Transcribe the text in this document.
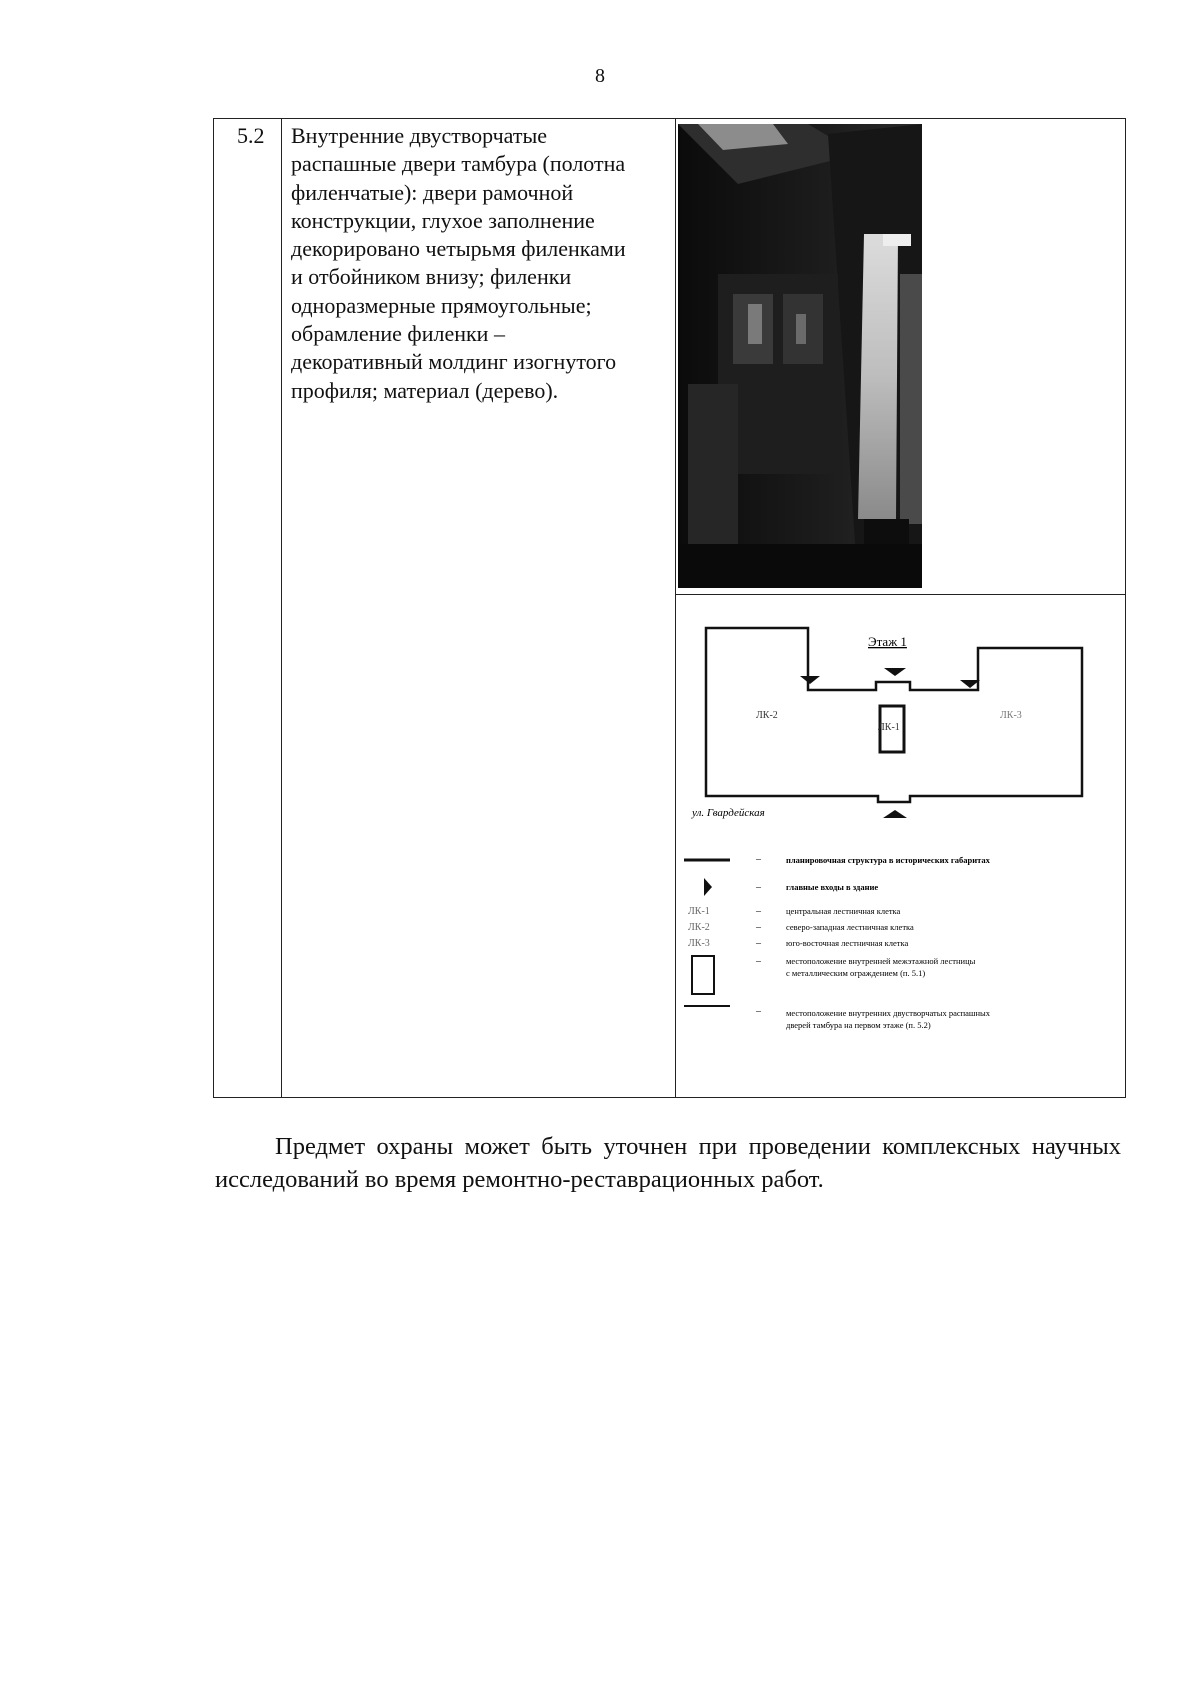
8
5.2 Внутренние двустворчатые
распашные двери тамбура (полотна
филенчатые): двери рамочной
конструкции, глухое заполнение
декорировано четырьмя филенками
и отбойником внизу; филенки
одноразмерные прямоугольные;
обрамление филенки –
декоративный молдинг изогнутого
профиля; материал (дерево).
Этаж 1
ЛК-2
ЛК-1
ЛК-3
ул. Гвардейская
ЛК-1
ЛК-2
ЛК-3
–
–
–
–
–
–
–
планировочная структура в исторических габаритах
главные входы в здание
центральная лестничная клетка
северо-западная лестничная клетка
юго-восточная лестничная клетка
местоположение внутренней межэтажной лестницы
с металлическим ограждением (п. 5.1)
местоположение внутренних двустворчатых распашных
дверей тамбура на первом этаже (п. 5.2)
Предмет охраны может быть уточнен при проведении комплексных научных исследований во время ремонтно-реставрационных работ.
